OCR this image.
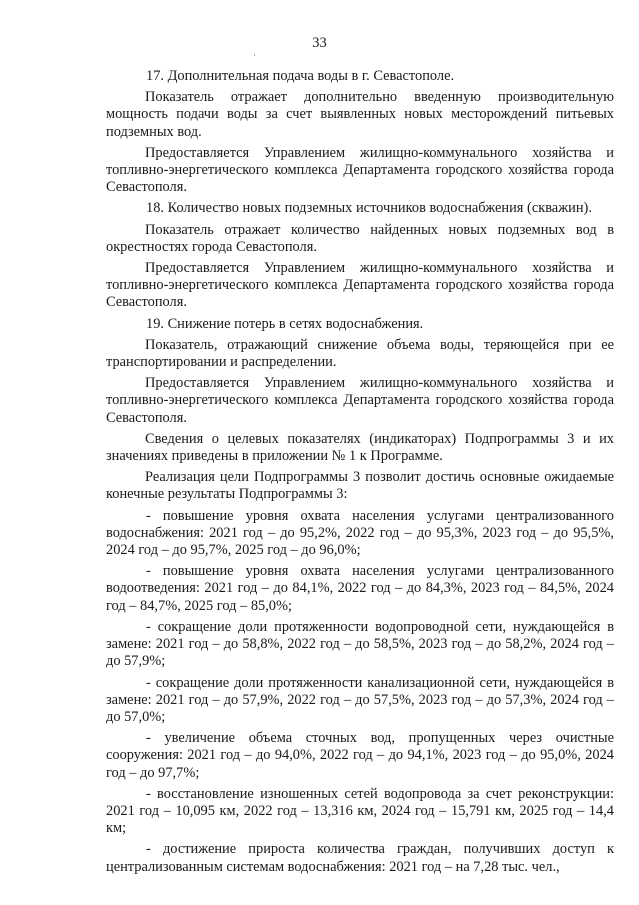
33
·

17. Дополнительная подача воды в г. Севастополе.

Показатель отражает дополнительно введенную производительную мощность подачи воды за счет выявленных новых месторождений питьевых подземных вод.

Предоставляется Управлением жилищно-коммунального хозяйства и топливно-энергетического комплекса Департамента городского хозяйства города Севастополя.

18. Количество новых подземных источников водоснабжения (скважин).

Показатель отражает количество найденных новых подземных вод в окрестностях города Севастополя.

Предоставляется Управлением жилищно-коммунального хозяйства и топливно-энергетического комплекса Департамента городского хозяйства города Севастополя.

19. Снижение потерь в сетях водоснабжения.

Показатель, отражающий снижение объема воды, теряющейся при ее транспортировании и распределении.

Предоставляется Управлением жилищно-коммунального хозяйства и топливно-энергетического комплекса Департамента городского хозяйства города Севастополя.

Сведения о целевых показателях (индикаторах) Подпрограммы 3 и их значениях приведены в приложении № 1 к Программе.

Реализация цели Подпрограммы 3 позволит достичь основные ожидаемые конечные результаты Подпрограммы 3:

- повышение уровня охвата населения услугами централизованного водоснабжения: 2021 год – до 95,2%, 2022 год – до 95,3%, 2023 год – до 95,5%, 2024 год – до 95,7%, 2025 год – до 96,0%;

- повышение уровня охвата населения услугами централизованного водоотведения: 2021 год – до 84,1%, 2022 год – до 84,3%, 2023 год – 84,5%, 2024 год – 84,7%, 2025 год – 85,0%;

- сокращение доли протяженности водопроводной сети, нуждающейся в замене: 2021 год – до 58,8%, 2022 год – до 58,5%, 2023 год – до 58,2%, 2024 год – до 57,9%;

- сокращение доли протяженности канализационной сети, нуждающейся в замене: 2021 год – до 57,9%, 2022 год – до 57,5%, 2023 год – до 57,3%, 2024 год – до 57,0%;

- увеличение объема сточных вод, пропущенных через очистные сооружения: 2021 год – до 94,0%, 2022 год – до 94,1%, 2023 год – до 95,0%, 2024 год – до 97,7%;

- восстановление изношенных сетей водопровода за счет реконструкции: 2021 год – 10,095 км, 2022 год – 13,316 км, 2024 год – 15,791 км, 2025 год – 14,4 км;

- достижение прироста количества граждан, получивших доступ к централизованным системам водоснабжения: 2021 год – на 7,28 тыс. чел.,
